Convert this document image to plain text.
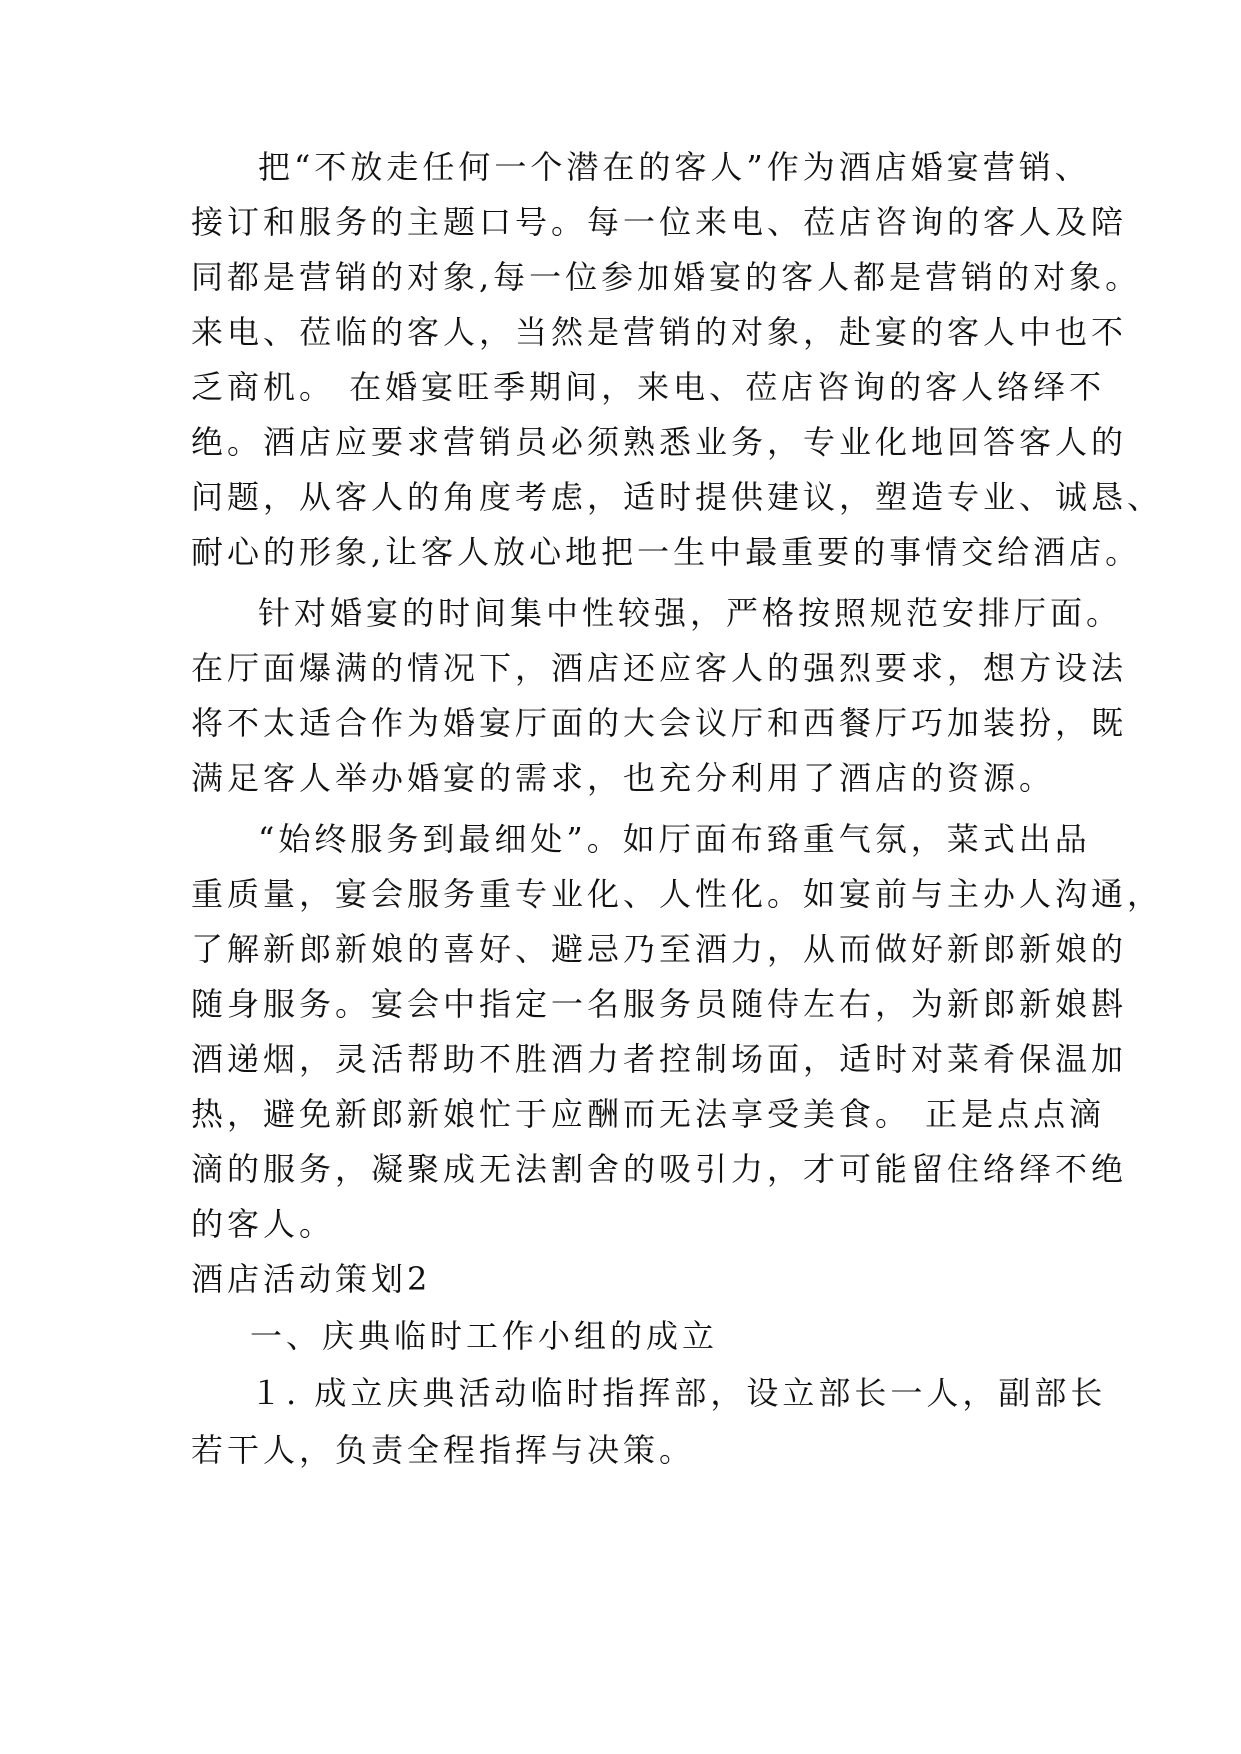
把“不放走任何一个潜在的客人”作为酒店婚宴营销、
接订和服务的主题口号。每一位来电、莅店咨询的客人及陪
同都是营销的对象,每一位参加婚宴的客人都是营销的对象。
来电、莅临的客人，当然是营销的对象，赴宴的客人中也不
乏商机。 在婚宴旺季期间，来电、莅店咨询的客人络绎不
绝。酒店应要求营销员必须熟悉业务，专业化地回答客人的
问题，从客人的角度考虑，适时提供建议，塑造专业、诚恳、
耐心的形象,让客人放心地把一生中最重要的事情交给酒店。
针对婚宴的时间集中性较强，严格按照规范安排厅面。
在厅面爆满的情况下，酒店还应客人的强烈要求，想方设法
将不太适合作为婚宴厅面的大会议厅和西餐厅巧加装扮，既
满足客人举办婚宴的需求，也充分利用了酒店的资源。
“始终服务到最细处”。如厅面布臵重气氛，菜式出品
重质量，宴会服务重专业化、人性化。如宴前与主办人沟通，
了解新郎新娘的喜好、避忌乃至酒力，从而做好新郎新娘的
随身服务。宴会中指定一名服务员随侍左右，为新郎新娘斟
酒递烟，灵活帮助不胜酒力者控制场面，适时对菜肴保温加
热，避免新郎新娘忙于应酬而无法享受美食。 正是点点滴
滴的服务，凝聚成无法割舍的吸引力，才可能留住络绎不绝
的客人。
酒店活动策划2
一、庆典临时工作小组的成立
１. 成立庆典活动临时指挥部，设立部长一人，副部长
若干人，负责全程指挥与决策。
